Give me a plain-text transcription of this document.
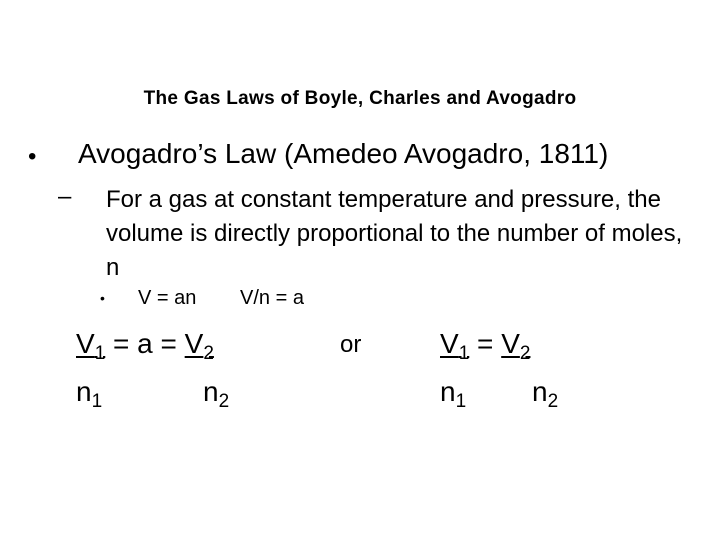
The Gas Laws of Boyle, Charles and Avogadro
• Avogadro’s Law (Amedeo Avogadro, 1811)
– For a gas at constant temperature and pressure, the volume is directly proportional to the number of moles, n
• V = an V/n = a
$V_1 = a = V_2$
$n_1$	$n_2$
or	$V_1 = V_2$
$n_1$ $n_2$
